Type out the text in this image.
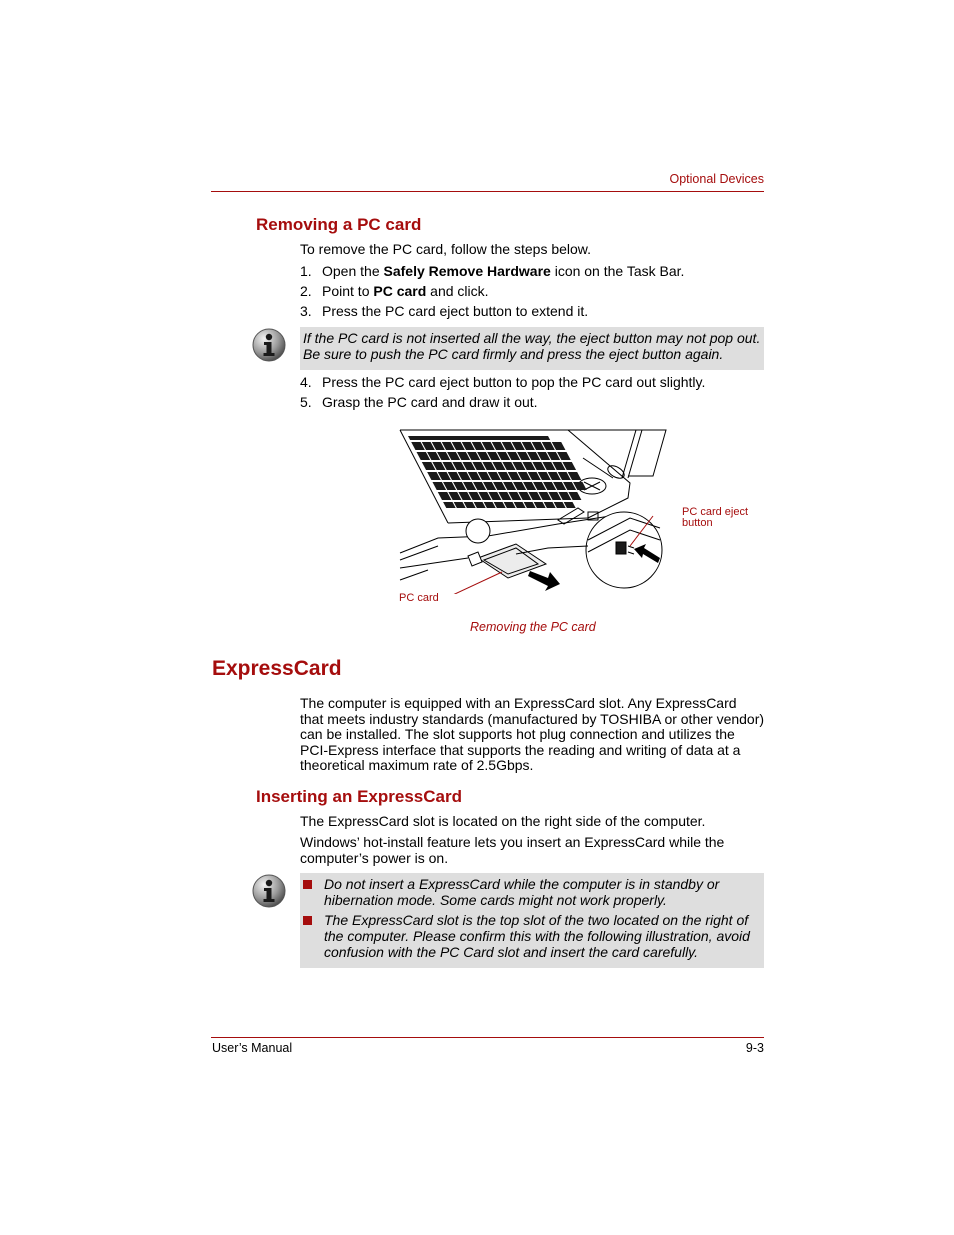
Optional Devices
Removing a PC card
To remove the PC card, follow the steps below.
1. Open the Safely Remove Hardware icon on the Task Bar.
2. Point to PC card and click.
3. Press the PC card eject button to extend it.
If the PC card is not inserted all the way, the eject button may not pop out.
Be sure to push the PC card firmly and press the eject button again.
4. Press the PC card eject button to pop the PC card out slightly.
5. Grasp the PC card and draw it out.
PC card eject
button
PC card
Removing the PC card
ExpressCard
The computer is equipped with an ExpressCard slot. Any ExpressCard
that meets industry standards (manufactured by TOSHIBA or other vendor)
can be installed. The slot supports hot plug connection and utilizes the
PCI-Express interface that supports the reading and writing of data at a
theoretical maximum rate of 2.5Gbps.
Inserting an ExpressCard
The ExpressCard slot is located on the right side of the computer.
Windows’ hot-install feature lets you insert an ExpressCard while the
computer’s power is on.
Do not insert a ExpressCard while the computer is in standby or
hibernation mode. Some cards might not work properly.
The ExpressCard slot is the top slot of the two located on the right of
the computer. Please confirm this with the following illustration, avoid
confusion with the PC Card slot and insert the card carefully.
User’s Manual	9-3
